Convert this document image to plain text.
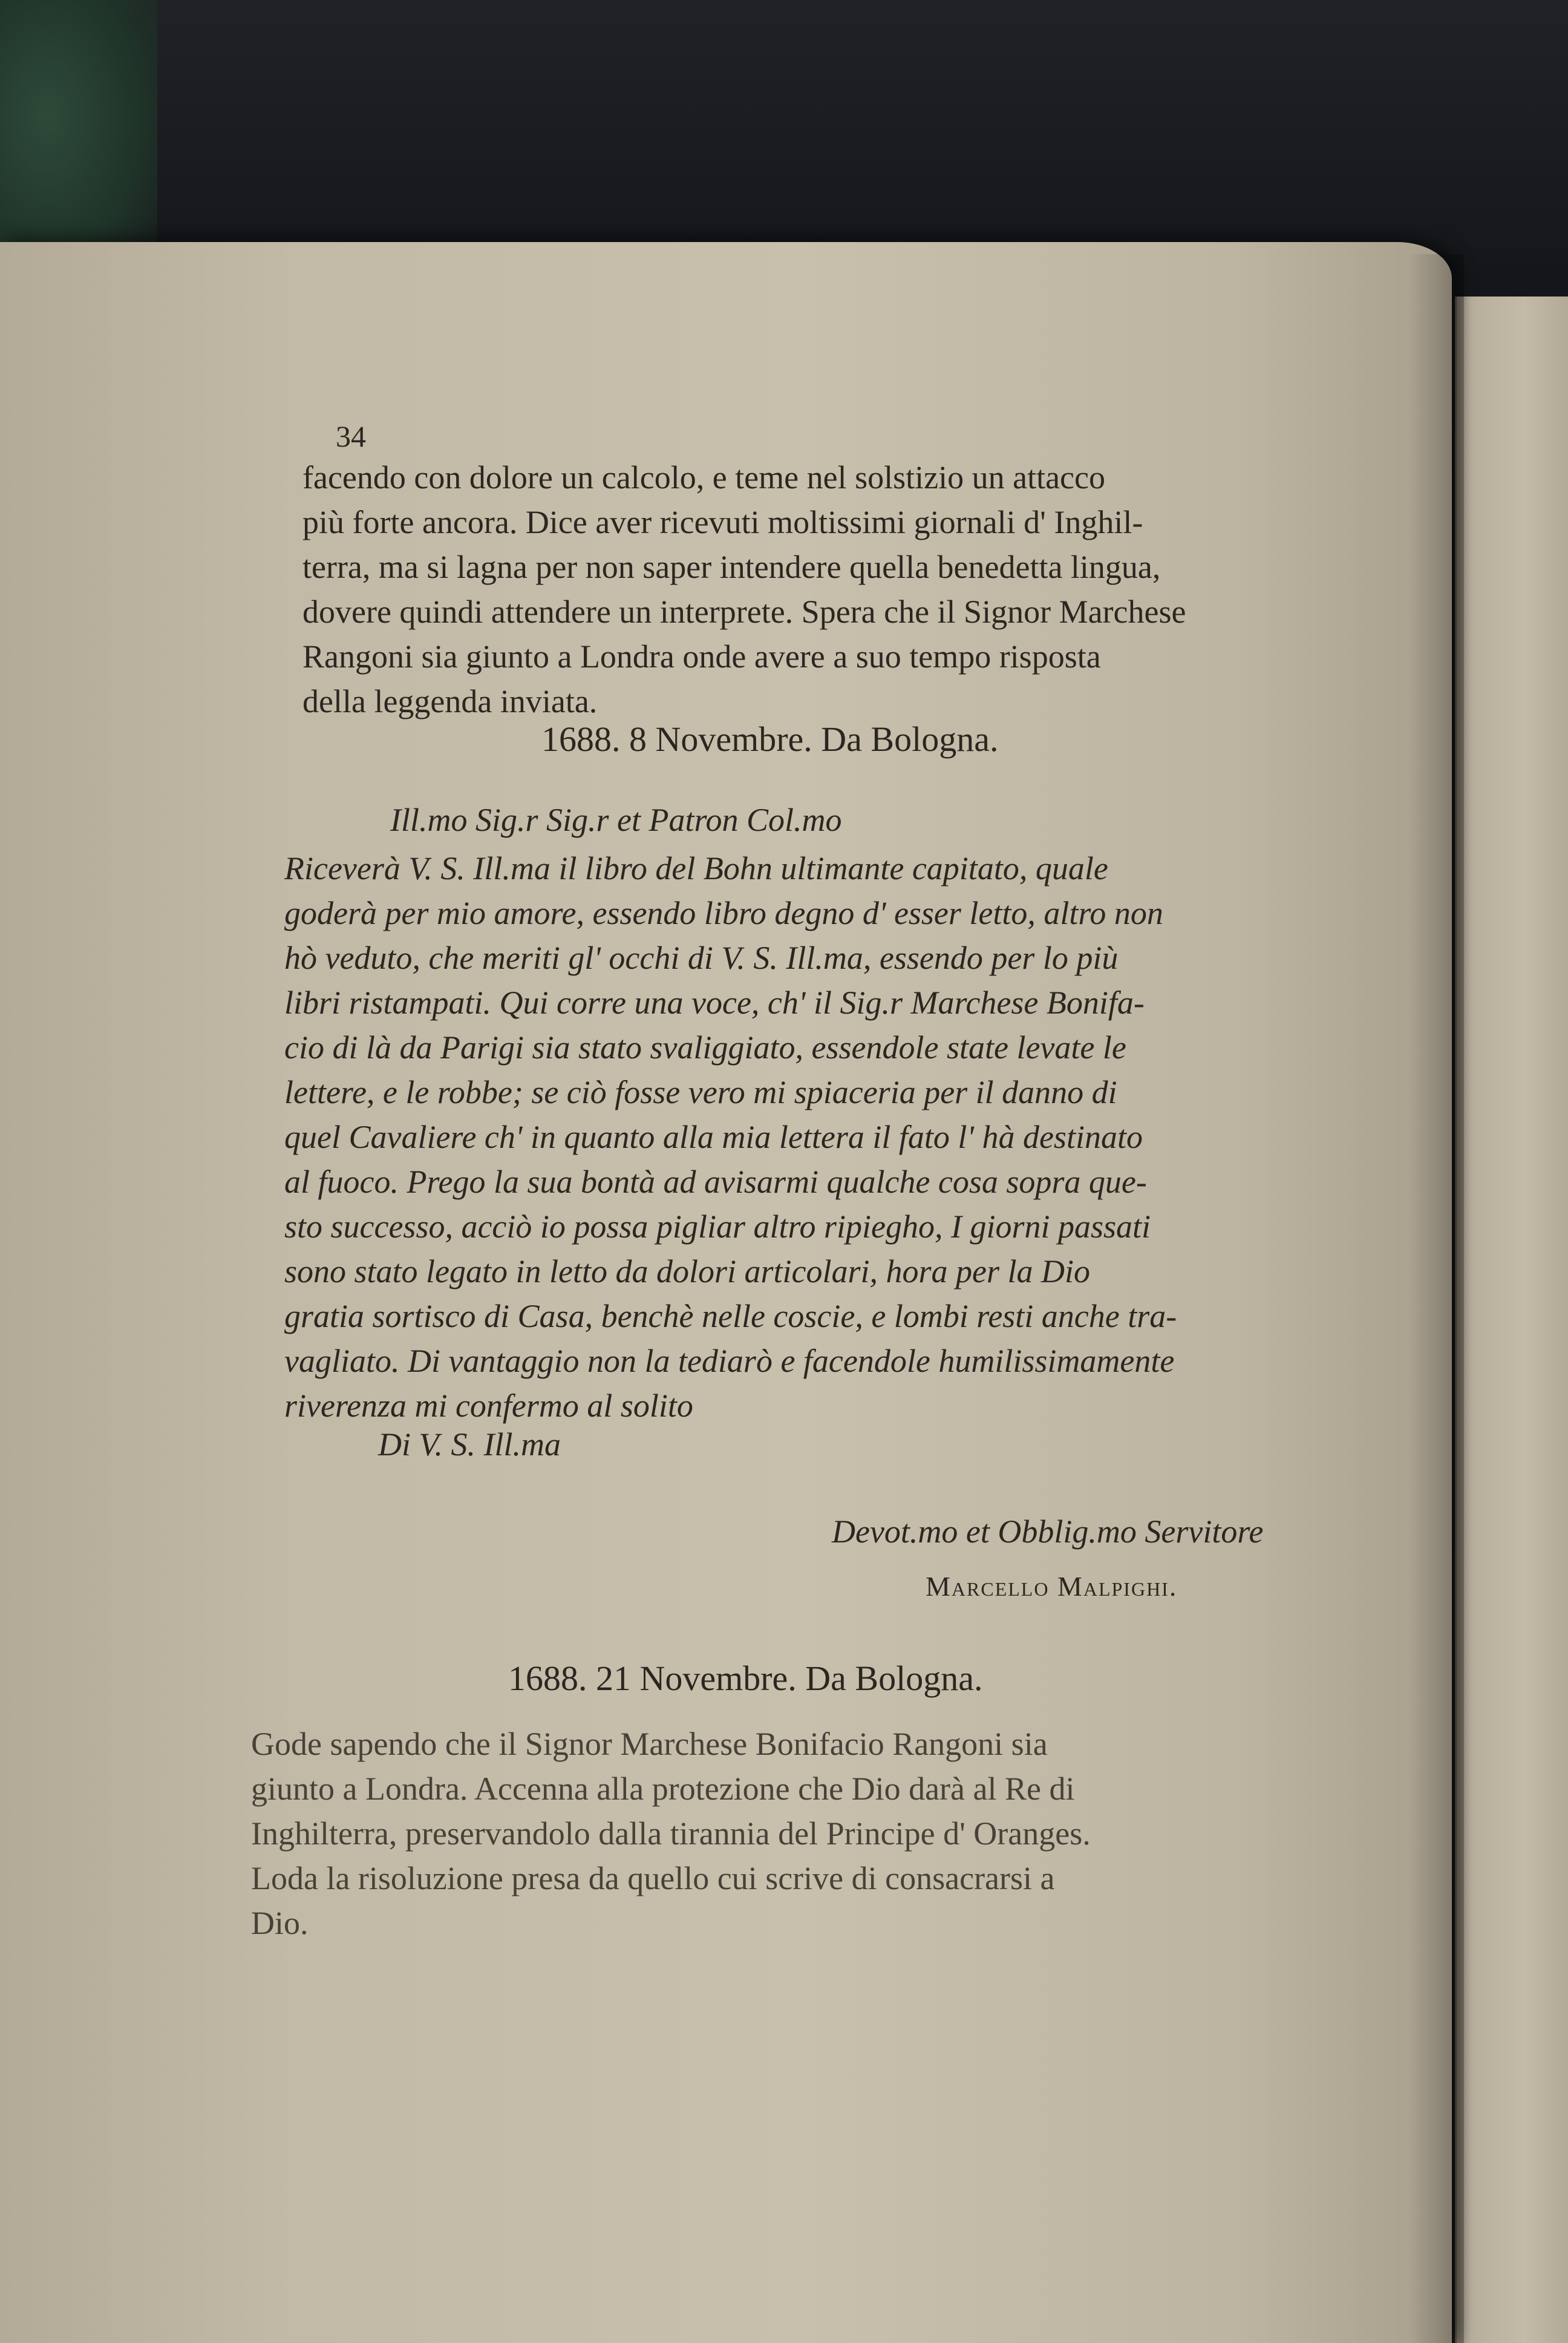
34
facendo con dolore un calcolo, e teme nel solstizio un attacco
più forte ancora. Dice aver ricevuti moltissimi giornali d' Inghil-
terra, ma si lagna per non saper intendere quella benedetta lingua,
dovere quindi attendere un interprete. Spera che il Signor Marchese
Rangoni sia giunto a Londra onde avere a suo tempo risposta
della leggenda inviata.
1688. 8 Novembre. Da Bologna.
Ill.mo Sig.r Sig.r et Patron Col.mo
Riceverà V. S. Ill.ma il libro del Bohn ultimante capitato, quale
goderà per mio amore, essendo libro degno d' esser letto, altro non
hò veduto, che meriti gl' occhi di V. S. Ill.ma, essendo per lo più
libri ristampati. Qui corre una voce, ch' il Sig.r Marchese Bonifa-
cio di là da Parigi sia stato svaliggiato, essendole state levate le
lettere, e le robbe; se ciò fosse vero mi spiaceria per il danno di
quel Cavaliere ch' in quanto alla mia lettera il fato l' hà destinato
al fuoco. Prego la sua bontà ad avisarmi qualche cosa sopra que-
sto successo, acciò io possa pigliar altro ripiegho, I giorni passati
sono stato legato in letto da dolori articolari, hora per la Dio
gratia sortisco di Casa, benchè nelle coscie, e lombi resti anche tra-
vagliato. Di vantaggio non la tediarò e facendole humilissimamente
riverenza mi confermo al solito
Di V. S. Ill.ma
Devot.mo et Obblig.mo Servitore
Marcello Malpighi.
1688. 21 Novembre. Da Bologna.
Gode sapendo che il Signor Marchese Bonifacio Rangoni sia
giunto a Londra. Accenna alla protezione che Dio darà al Re di
Inghilterra, preservandolo dalla tirannia del Principe d' Oranges.
Loda la risoluzione presa da quello cui scrive di consacrarsi a
Dio.
